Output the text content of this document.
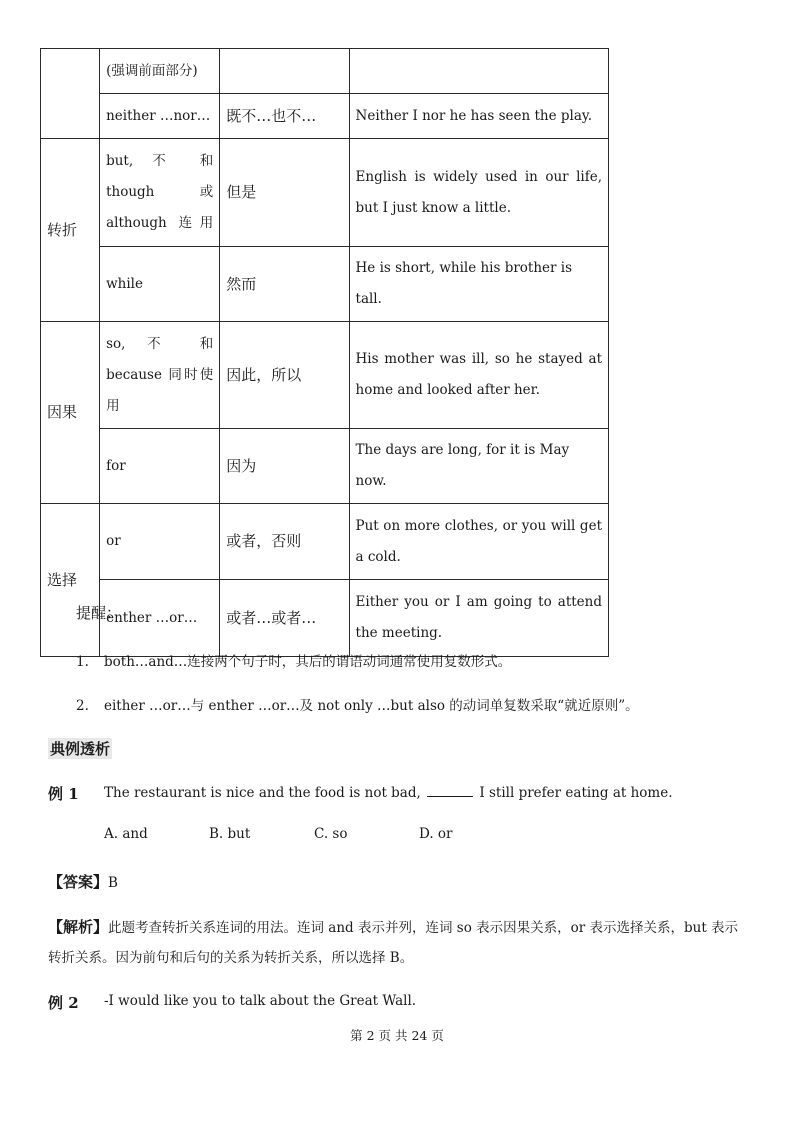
	(强调前面部分)		
	neither …nor…	既不…也不…	Neither I nor he has seen the play.
转折	but, 不 和 though 或 although 连用	但是	English is widely used in our life, but I just know a little.

	while	然而	He is short, while his brother is tall.
因果	so, 不 和 because 同时使用	因此，所以	His mother was ill, so he stayed at home and looked after her.

	for	因为	The days are long, for it is May now.
选择	or	或者，否则	Put on more clothes, or you will get a cold.

	enther …or…	或者…或者…	Either you or I am going to attend the meeting.
提醒：
1. both…and…连接两个句子时，其后的谓语动词通常使用复数形式。
2. either …or…与 enther …or…及 not only …but also 的动词单复数采取“就近原则”。
典例透析
例 1 The restaurant is nice and the food is not bad,	I still prefer eating at home.
A. and	B. but	C. so	D. or
【答案】B
【解析】此题考查转折关系连词的用法。连词 and 表示并列，连词 so 表示因果关系，or 表示选择关系，but 表示转折关系。因为前句和后句的关系为转折关系，所以选择 B。
例 2 -I would like you to talk about the Great Wall.
第 2 页 共 24 页
